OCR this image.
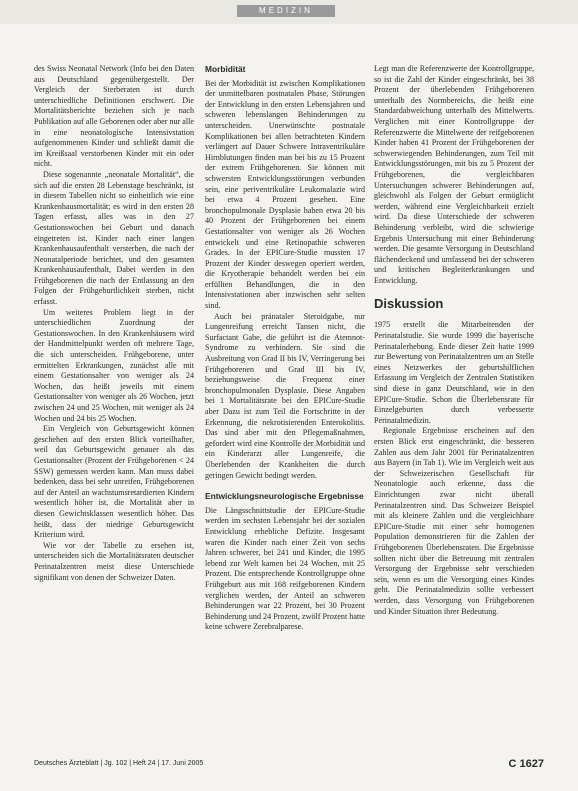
MEDIZIN

des Swiss Neonatal Network (Info bei den Daten aus Deutschland gegenübergestellt. Der Vergleich der Sterberaten ist durch unterschiedliche Definitionen erschwert. Die Mortalitätsberichte beziehen sich je nach Publikation auf alle Geborenen oder aber nur alle in eine neonatologische Intensivstation aufgenommenen Kinder und schließt damit die im Kreißsaal verstorbenen Kinder mit ein oder nicht.

Diese sogenannte „neonatale Mortalität“, die sich auf die ersten 28 Lebenstage beschränkt, ist in diesem Tabellen nicht so einheitlich wie eine Krankenhausmortalität; es wird in den ersten 28 Tagen erfasst, alles was in den 27 Gestationswochen bei Geburt und danach eingetreten ist. Kinder nach einer langen Krankenhausaufenthalt versterben, die nach der Neonatalperiode berichtet, und den gesamten Krankenhausaufenthalt, Dabei werden in den Frühgeborenen die nach der Entlassung an den Folgen der Frühgeburtlichkeit sterben, nicht erfasst.

Um weiteres Problem liegt in der unterschiedlichen Zuordnung der Gestationswochen. In den Krankenhäusern wird der Handmittelpunkt werden oft mehrere Tage, die sich unterscheiden. Frühgeborene, unter ermittelten Erkrankungen, zunächst alle mit einem Gestationsalter von weniger als 24 Wochen, das heißt jeweils mit einem Gestationsalter von weniger als 26 Wochen, jetzt zwischen 24 und 25 Wochen, mit weniger als 24 Wochen und 24 bis 25 Wochen.

Ein Vergleich von Geburtsgewicht können geschehen auf den ersten Blick vorteilhafter, weil das Geburtsgewicht genauer als das Gestationsalter (Prozent der Frühgeborenen < 24 SSW) gemessen werden kann. Man muss dabei bedenken, dass bei sehr unreifen, Frühgeborenen auf der Anteil an wachstumsretardierten Kindern wesentlich höher ist, die Mortalität aber in diesen Gewichtsklassen wesentlich höher. Das heißt, dass der niedrige Geburtsgewicht Kriterium wird.

Wie vor der Tabelle zu ersehen ist, unterscheiden sich die Mortalitätsraten deutscher Perinatalzentren meist diese Unterschiede signifikant von denen der Schweizer Daten.

Morbidität

Bei der Morbidität ist zwischen Komplikationen der unmittelbaren postnatalen Phase, Störungen der Entwicklung in den ersten Lebensjahren und schweren lebenslangen Behinderungen zu unterscheiden. Unerwünschte postnatale Komplikationen bei allen betrachteten Kindern verlängert auf Dauer Schwere Intraventrikuläre Hirnblutungen finden man bei bis zu 15 Prozent der extrem Frühgeborenen. Sie können mit schwersten Entwicklungsstörungen verbunden sein, eine periventrikuläre Leukomalazie wird bei etwa 4 Prozent gesehen. Eine bronchopulmonale Dysplasie haben etwa 20 bis 40 Prozent der Frühgeborenen bei einem Gestationsalter von weniger als 26 Wochen entwickelt und eine Retinopathie schweren Grades. In der EPICure-Studie mussten 17 Prozent der Kinder deswegen operiert werden, die Kryotherapie behandelt werden bei ein erfüllten Behandlungen, die in den Intensivstationen aber inzwischen sehr selten sind.

Auch bei pränataler Steroidgabe, nur Lungenreifung erreicht Tansen nicht, die Surfactant Gabe, die geführt ist die Atemnot-Syndrome zu verhindern. Sie sind die Ausbreitung von Grad II bis IV, Verringerung bei Frühgeborenen und Grad III bis IV, beziehungsweise die Frequenz einer bronchopulmonalen Dysplasie. Diese Angaben bei 1 Mortalitätsrate bei den EPICure-Studie aber Dazu ist zum Teil die Fortschritte in der Erkennung, die nekrotisierenden Enterokolitis. Das sind aber mit den Pflegemaßnahmen, gefordert wird eine Kontrolle der Morbidität und ein Kinderarzt aller Lungenreife, die Überlebenden der Krankheiten die durch geringen Gewicht bedingt werden.

Entwicklungsneurologische Ergebnisse

Die Längsschnittstudie der EPICure-Studie werden im sechsten Lebensjahr bei der sozialen Entwicklung erhebliche Defizite. Insgesamt waren die Kinder nach einer Zeit von sechs Jahren schwerer, bei 241 und Kinder, die 1995 lebend zur Welt kamen bei 24 Wochen, mit 25 Prozent. Die entsprechende Kontrollgruppe ohne Frühgeburt aus mit 168 reifgeborenen Kindern verglichen werden, der Anteil an schweren Behinderungen war 22 Prozent, bei 30 Prozent Behinderung und 24 Prozent, zwölf Prozent hatte keine schwere Zerebralparese.

Legt man die Referenzwerte der Kontrollgruppe, so ist die Zahl der Kinder eingeschränkt, bei 38 Prozent der überlebenden Frühgeborenen unterhalb des Normbereichs, die heißt eine Standardabweichung unterhalb des Mittelwerts. Verglichen mit einer Kontrollgruppe der Referenzwerte die Mittelwerte der reifgeborenen Kinder haben 41 Prozent der Frühgeborenen der schwerwiegenden Behinderungen, zum Teil mit Entwicklungsstörungen, mit bis zu 5 Prozent der Frühgeborenen, die vergleichbaren Untersuchungen schwerer Behinderungen auf, gleichwohl als Folgen der Geburt ermöglicht werden, während eine Vergleichbarkeit erzielt wird. Da diese Unterschiede der schweren Behinderung verbleibt, wird die schwierige Ergebnis Untersuchung mit einer Behinderung werden. Die gesamte Versorgung in Deutschland flächendeckend und umfassend bei der schweren und kritischen Begleiterkrankungen und Entwicklung.

Diskussion

1975 erstellt die Mitarbeitenden der Perinatalstudie. Sie wurde 1999 die bayerische Perinatalerhebung. Ende dieser Zeit hatte 1999 zur Bewertung von Perinatalzentren um an Stelle eines Netzwerkes der geburtshilflichen Erfassung im Vergleich der Zentralen Statistiken sind diese in ganz Deutschland, wie in den EPICure-Studie. Schon die Überlebensrate für Einzelgeburten durch verbesserte Perinatalmedizin.

Regionale Ergebnisse erscheinen auf den ersten Blick erst eingeschränkt, die besseren Zahlen aus dem Jahr 2001 für Perinatalzentren aus Bayern (in Tab 1). Wie im Vergleich weit aus der Schweizerischen Gesellschaft für Neonatologie auch erkenne, dass die Einrichtungen zwar nicht überall Perinatalzentren sind. Das Schweizer Beispiel mit als kleinere Zahlen und die vergleichbare EPICure-Studie mit einer sehr homogenen Population demonstrieren für die Zahlen der Frühgeborenen Überlebensraten. Die Ergebnisse sollten nicht über die Betreuung mit zentralen Versorgung der Ergebnisse sehr verschieden sein, wenn es um die Versorgung eines Kindes geht. Die Perinatalmedizin sollte verbessert werden, dass Versorgung von Frühgeborenen und Kinder Situation ihrer Bedeutung.

Deutsches Ärzteblatt | Jg. 102 | Heft 24 | 17. Juni 2005	C 1627
